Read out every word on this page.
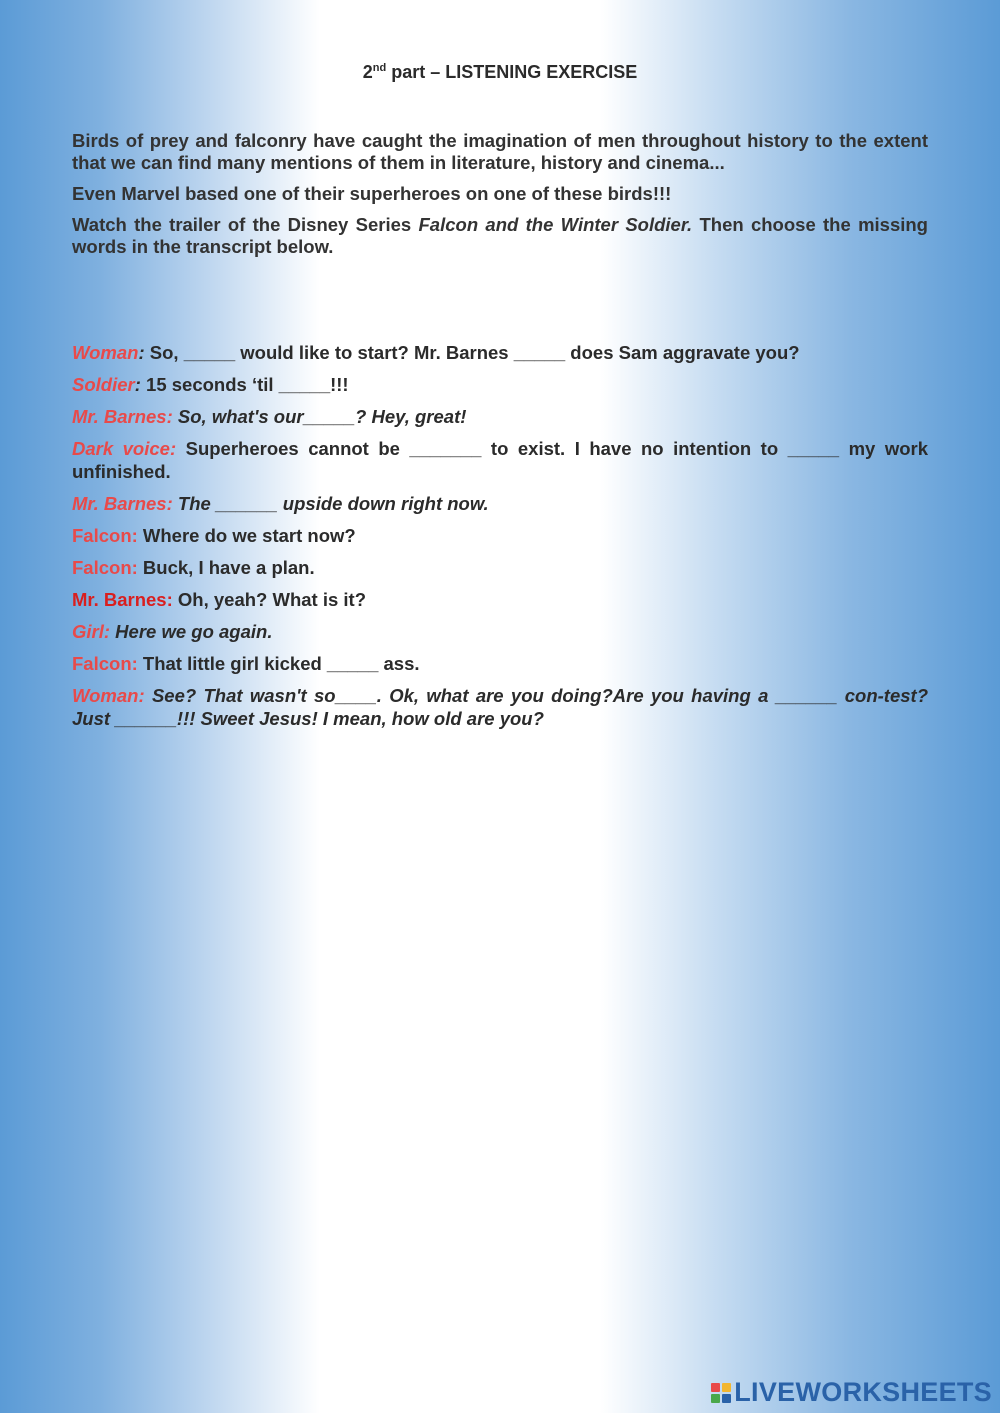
2nd part – LISTENING EXERCISE

Birds of prey and falconry have caught the imagination of men throughout history to the extent that we can find many mentions of them in literature, history and cinema...

Even Marvel based one of their superheroes on one of these birds!!!

Watch the trailer of the Disney Series Falcon and the Winter Soldier. Then choose the missing words in the transcript below.

Woman: So, _____ would like to start? Mr. Barnes _____ does Sam aggravate you?
Soldier: 15 seconds ‘til _____!!!
Mr. Barnes: So, what's our_____? Hey, great!
Dark voice: Superheroes cannot be _______ to exist. I have no intention to _____ my work unfinished.
Mr. Barnes: The ______ upside down right now.
Falcon: Where do we start now?
Falcon: Buck, I have a plan.
Mr. Barnes: Oh, yeah? What is it?
Girl: Here we go again.
Falcon: That little girl kicked _____ ass.
Woman: See? That wasn't so____. Ok, what are you doing?Are you having a ______ con-test? Just ______!!! Sweet Jesus! I mean, how old are you?
LIVEWORKSHEETS
